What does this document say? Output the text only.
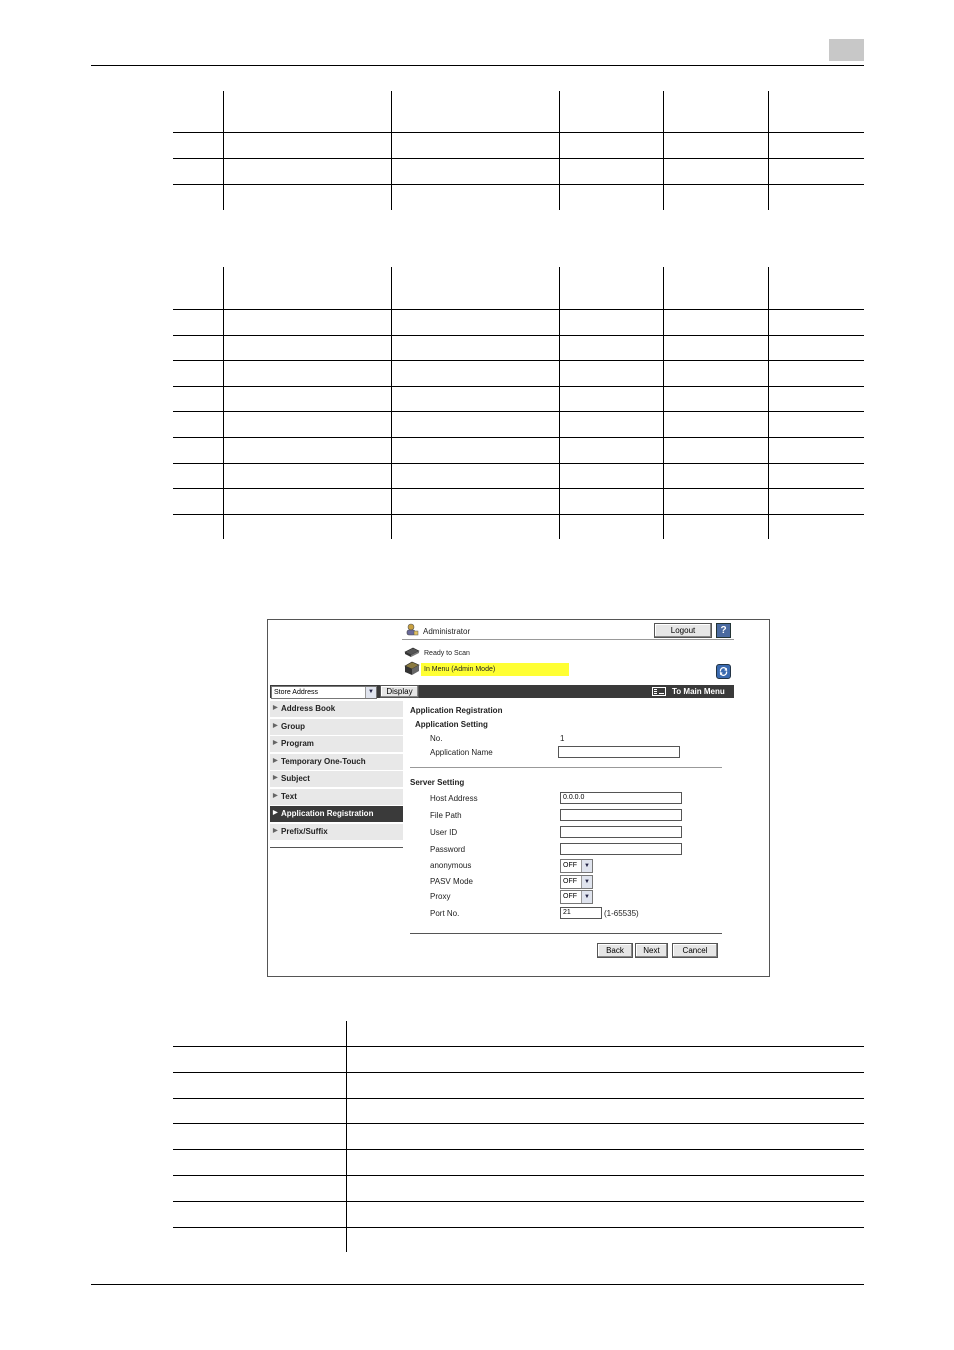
Administrator	Logout	?
Ready to Scan
In Menu (Admin Mode)
Store Address	▼	Display	To Main Menu
Application Registration
Application Setting
No.	1
Application Name
Server Setting
Host Address	0.0.0.0
File Path
User ID
Password
anonymous	OFF	▼
PASV Mode	OFF	▼
Proxy	OFF	▼
Port No.	21	(1-65535)
Back	Next	Cancel
▶ Address Book
▶ Group
▶ Program
▶ Temporary One-Touch
▶ Subject
▶ Text
▶ Application Registration
▶ Prefix/Suffix
